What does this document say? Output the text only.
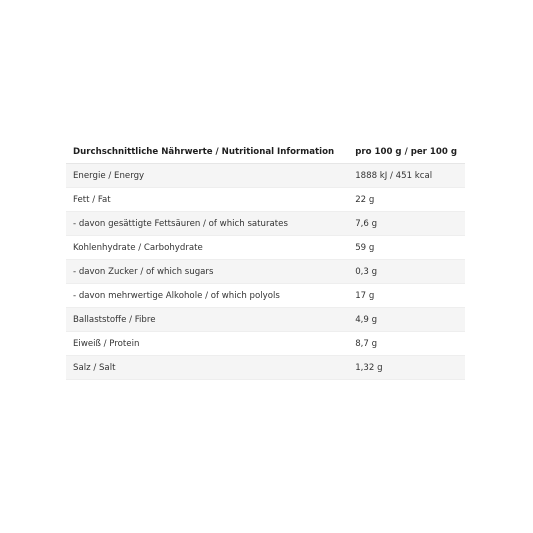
Durchschnittliche Nährwerte / Nutritional Information	pro 100 g / per 100 g
Energie / Energy	1888 kJ / 451 kcal
Fett / Fat	22 g
- davon gesättigte Fettsäuren / of which saturates	7,6 g
Kohlenhydrate / Carbohydrate	59 g
- davon Zucker / of which sugars	0,3 g
- davon mehrwertige Alkohole / of which polyols	17 g
Ballaststoffe / Fibre	4,9 g
Eiweiß / Protein	8,7 g
Salz / Salt	1,32 g
